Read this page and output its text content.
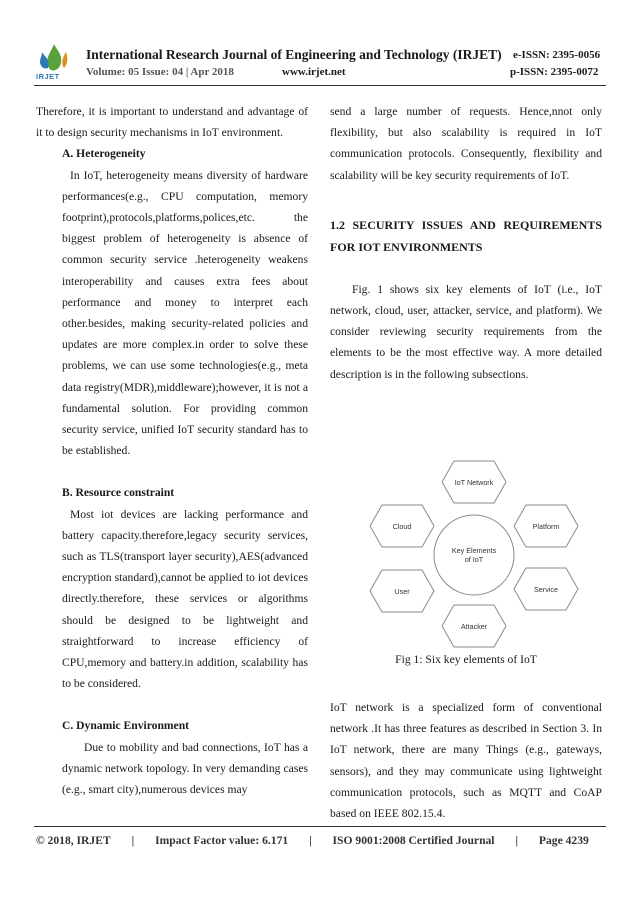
IRJET
International Research Journal of Engineering and Technology (IRJET) e-ISSN: 2395-0056
Volume: 05 Issue: 04 | Apr 2018	www.irjet.net	p-ISSN: 2395-0072

Therefore, it is important to understand and advantage of it to design security mechanisms in IoT environment.

A. Heterogeneity

In IoT, heterogeneity means diversity of hardware performances(e.g., CPU computation, memory footprint),protocols,platforms,polices,etc. the biggest problem of heterogeneity is absence of common security service .heterogeneity weakens interoperability and causes extra fees about performance and money to interpret each other.besides, making security-related policies and updates are more complex.in order to solve these problems, we can use some technologies(e.g., meta data registry(MDR),middleware);however, it is not a fundamental solution. For providing common security service, unified IoT security standard has to be established.

B. Resource constraint

Most iot devices are lacking performance and battery capacity.therefore,legacy security services, such as TLS(transport layer security),AES(advanced encryption standard),cannot be applied to iot devices directly.therefore, these services or algorithms should be designed to be lightweight and straightforward to increase efficiency of CPU,memory and battery.in addition, scalability has to be considered.

C. Dynamic Environment

Due to mobility and bad connections, IoT has a dynamic network topology. In very demanding cases (e.g., smart city),numerous devices may

send a large number of requests. Hence,nnot only flexibility, but also scalability is required in IoT communication protocols. Consequently, flexibility and scalability will be key security requirements of IoT.

1.2 SECURITY ISSUES AND REQUIREMENTS FOR IOT ENVIRONMENTS

Fig. 1 shows six key elements of IoT (i.e., IoT network, cloud, user, attacker, service, and platform). We consider reviewing security requirements from the elements to be the most effective way. A more detailed description is in the following subsections.

Key Elements
of IoT
IoT Network
Cloud	Platform
User	Service
Attacker
Fig 1: Six key elements of IoT

IoT network is a specialized form of conventional network .It has three features as described in Section 3. In IoT network, there are many Things (e.g., gateways, sensors), and they may communicate using lightweight communication protocols, such as MQTT and CoAP based on IEEE 802.15.4.

© 2018, IRJET | Impact Factor value: 6.171 | ISO 9001:2008 Certified Journal | Page 4239
